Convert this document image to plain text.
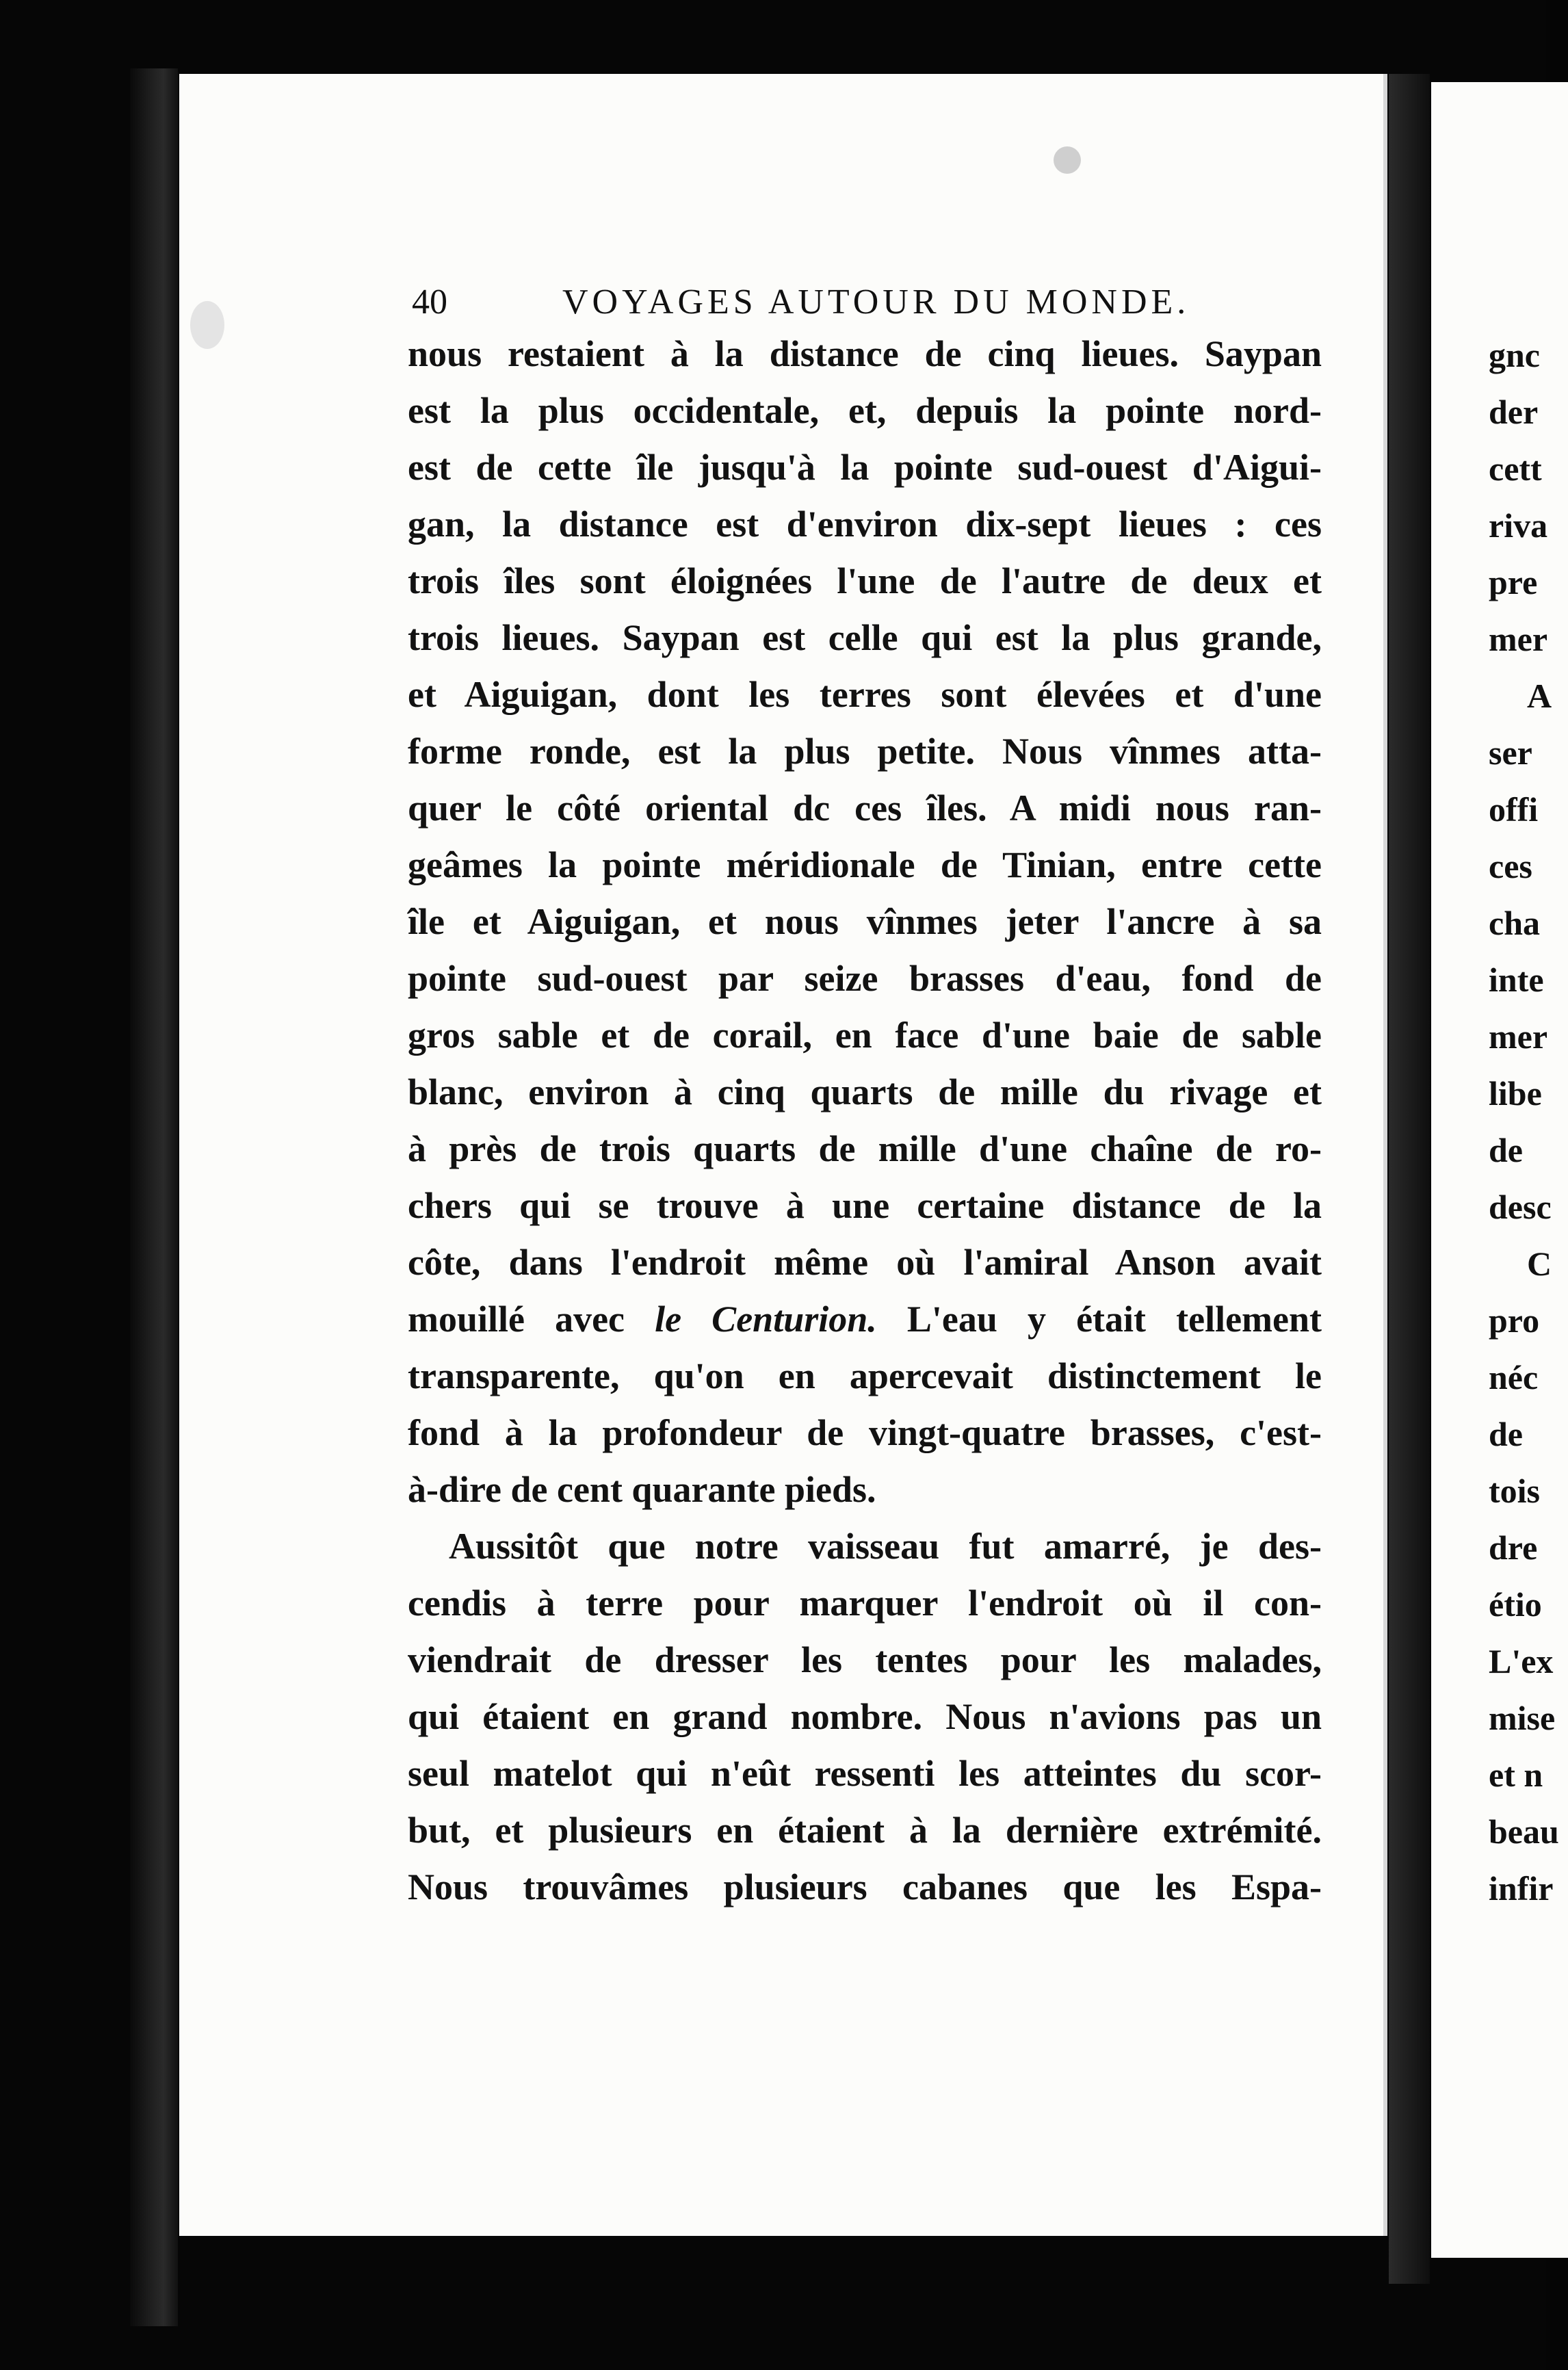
gnc
der
cett
riva
pre
mer
A
ser
offi
ces
cha
inte
mer
libe
de
desc
C
pro
néc
de
tois
dre
étio
L'ex
mise
et n
beau
infir
40	VOYAGES AUTOUR DU MONDE.
nous restaient à la distance de cinq lieues. Saypan
est la plus occidentale, et, depuis la pointe nord-
est de cette île jusqu'à la pointe sud-ouest d'Aigui-
gan, la distance est d'environ dix-sept lieues : ces
trois îles sont éloignées l'une de l'autre de deux et
trois lieues. Saypan est celle qui est la plus grande,
et Aiguigan, dont les terres sont élevées et d'une
forme ronde, est la plus petite. Nous vînmes atta-
quer le côté oriental dc ces îles. A midi nous ran-
geâmes la pointe méridionale de Tinian, entre cette
île et Aiguigan, et nous vînmes jeter l'ancre à sa
pointe sud-ouest par seize brasses d'eau, fond de
gros sable et de corail, en face d'une baie de sable
blanc, environ à cinq quarts de mille du rivage et
à près de trois quarts de mille d'une chaîne de ro-
chers qui se trouve à une certaine distance de la
côte, dans l'endroit même où l'amiral Anson avait
mouillé avec le Centurion. L'eau y était tellement
transparente, qu'on en apercevait distinctement le
fond à la profondeur de vingt-quatre brasses, c'est-
à-dire de cent quarante pieds.
Aussitôt que notre vaisseau fut amarré, je des-
cendis à terre pour marquer l'endroit où il con-
viendrait de dresser les tentes pour les malades,
qui étaient en grand nombre. Nous n'avions pas un
seul matelot qui n'eût ressenti les atteintes du scor-
but, et plusieurs en étaient à la dernière extrémité.
Nous trouvâmes plusieurs cabanes que les Espa-
